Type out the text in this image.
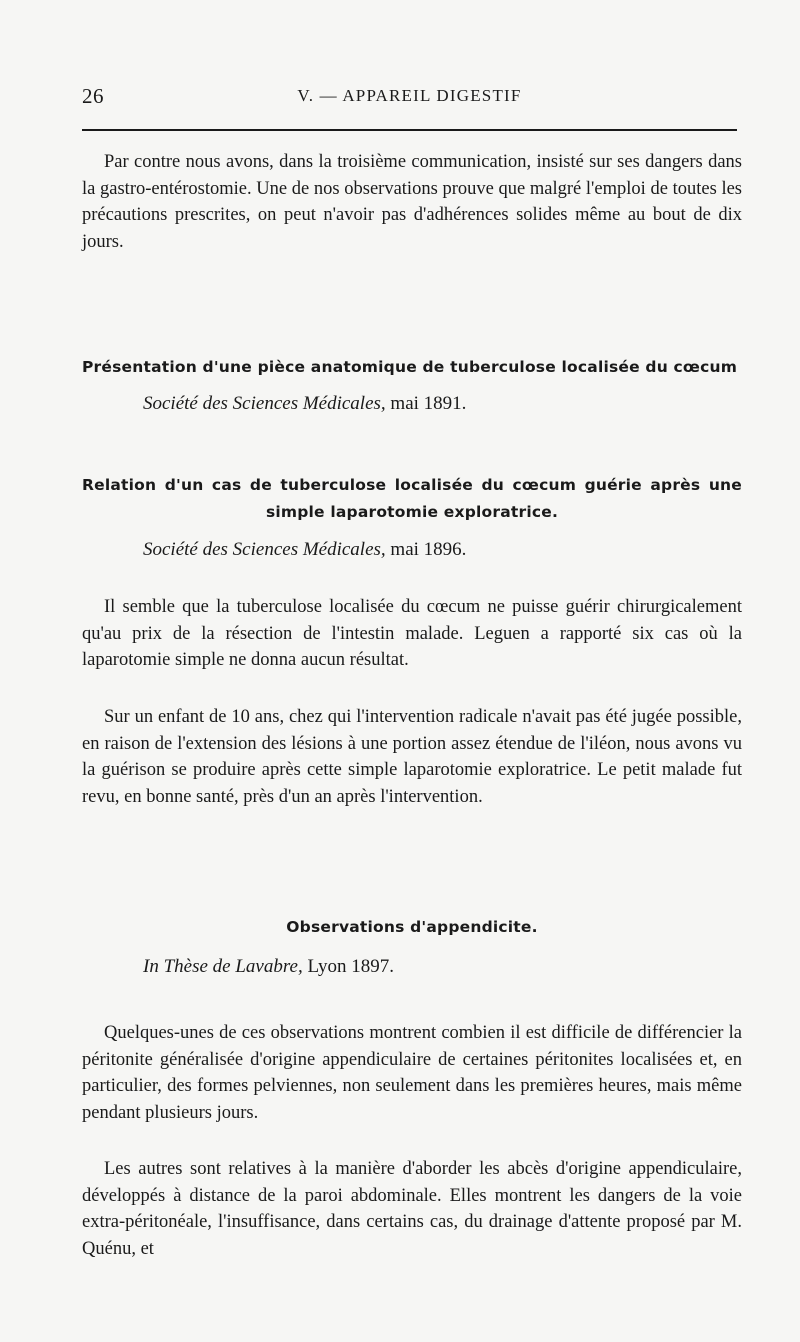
26	V. — APPAREIL DIGESTIF

Par contre nous avons, dans la troisième communication, insisté sur ses dangers dans la gastro-entérostomie. Une de nos observations prouve que malgré l'emploi de toutes les précautions prescrites, on peut n'avoir pas d'adhérences solides même au bout de dix jours.

Présentation d'une pièce anatomique de tuberculose localisée du cœcum

Société des Sciences Médicales, mai 1891.

Relation d'un cas de tuberculose localisée du cœcum guérie après une

simple laparotomie exploratrice.

Société des Sciences Médicales, mai 1896.

Il semble que la tuberculose localisée du cœcum ne puisse guérir chirurgicalement qu'au prix de la résection de l'intestin malade. Leguen a rapporté six cas où la laparotomie simple ne donna aucun résultat.

Sur un enfant de 10 ans, chez qui l'intervention radicale n'avait pas été jugée possible, en raison de l'extension des lésions à une portion assez étendue de l'iléon, nous avons vu la guérison se produire après cette simple laparotomie exploratrice. Le petit malade fut revu, en bonne santé, près d'un an après l'intervention.

Observations d'appendicite.

In Thèse de Lavabre, Lyon 1897.

Quelques-unes de ces observations montrent combien il est difficile de différencier la péritonite généralisée d'origine appendiculaire de certaines péritonites localisées et, en particulier, des formes pelviennes, non seulement dans les premières heures, mais même pendant plusieurs jours.

Les autres sont relatives à la manière d'aborder les abcès d'origine appendiculaire, développés à distance de la paroi abdominale. Elles montrent les dangers de la voie extra-péritonéale, l'insuffisance, dans certains cas, du drainage d'attente proposé par M. Quénu, et
